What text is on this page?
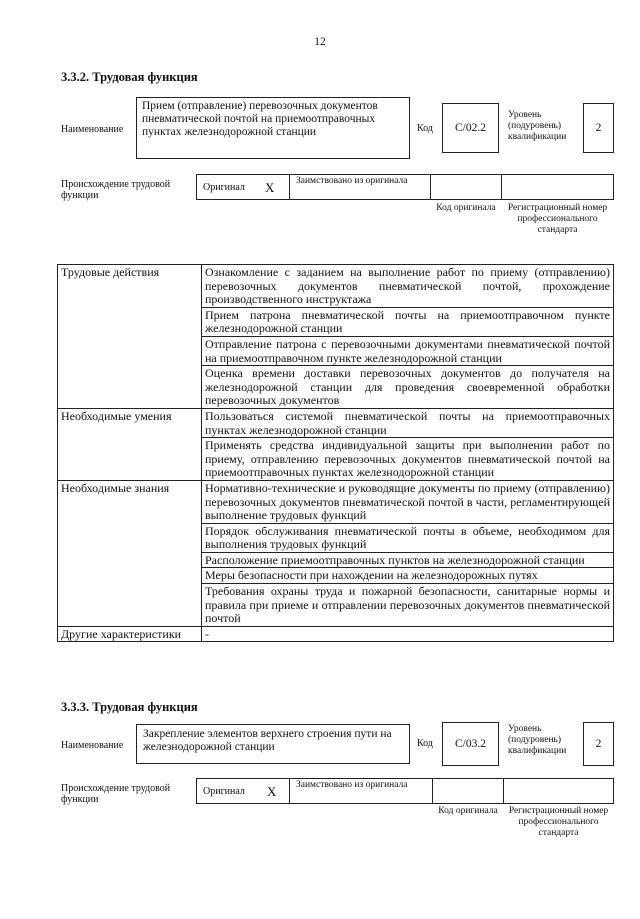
12
3.3.2. Трудовая функция
Наименование
Прием (отправление) перевозочных документов пневматической почтой на приемоотправочных пунктах железнодорожной станции	Код	С/02.2
Уровень (подуровень) квалификации
2
Происхождение трудовой функции
Оригинал X	Заимствовано из оригинала
Код оригинала	Регистрационный номер профессионального стандарта
Трудовые действия	Ознакомление с заданием на выполнение работ по приему (отправлению) перевозочных документов пневматической почтой, прохождение производственного инструктажа
	Прием патрона пневматической почты на приемоотправочном пункте железнодорожной станции
	Отправление патрона с перевозочными документами пневматической почтой на приемоотправочном пункте железнодорожной станции
	Оценка времени доставки перевозочных документов до получателя на железнодорожной станции для проведения своевременной обработки перевозочных документов
Необходимые умения	Пользоваться системой пневматической почты на приемоотправочных пунктах железнодорожной станции
	Применять средства индивидуальной защиты при выполнении работ по приему, отправлению перевозочных документов пневматической почтой на приемоотправочных пунктах железнодорожной станции
Необходимые знания	Нормативно-технические и руководящие документы по приему (отправлению) перевозочных документов пневматической почтой в части, регламентирующей выполнение трудовых функций
	Порядок обслуживания пневматической почты в объеме, необходимом для выполнения трудовых функций
	Расположение приемоотправочных пунктов на железнодорожной станции
	Меры безопасности при нахождении на железнодорожных путях
	Требования охраны труда и пожарной безопасности, санитарные нормы и правила при приеме и отправлении перевозочных документов пневматической почтой
Другие характеристики	-
3.3.3. Трудовая функция
Наименование
Закрепление элементов верхнего строения пути на железнодорожной станции	Код	С/03.2
Уровень (подуровень) квалификации
2
Происхождение трудовой функции
Оригинал X	Заимствовано из оригинала
Код оригинала	Регистрационный номер профессионального стандарта
